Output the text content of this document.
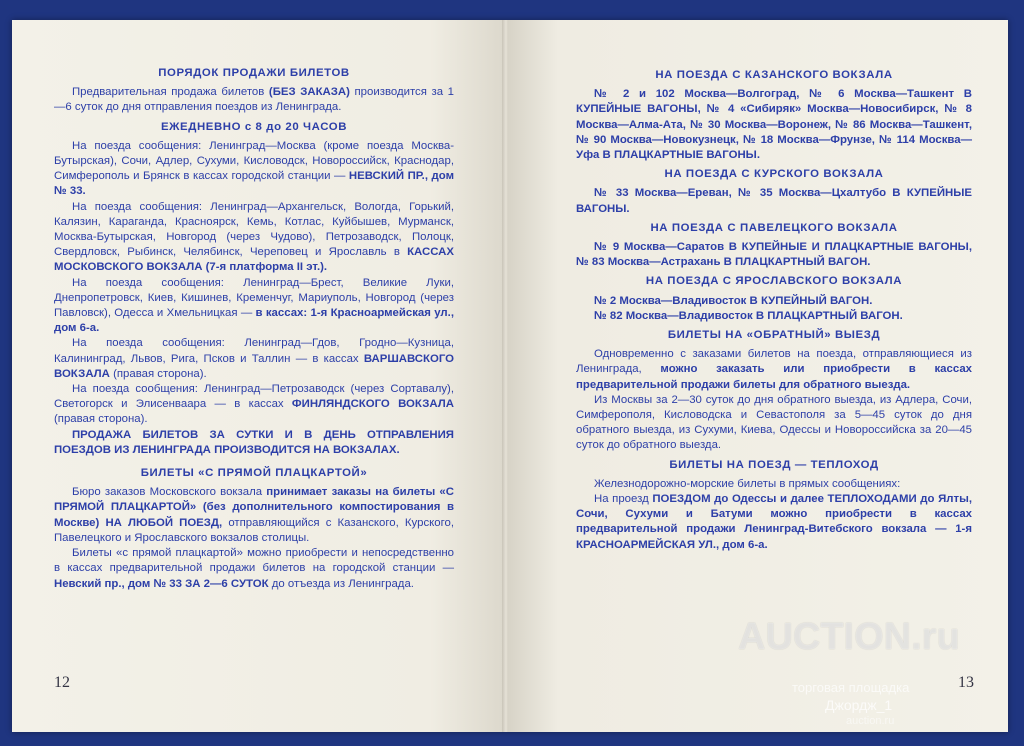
ПОРЯДОК ПРОДАЖИ БИЛЕТОВ

Предварительная продажа билетов (БЕЗ ЗАКАЗА) производится за 1—6 суток до дня отправления поездов из Ленинграда.

ЕЖЕДНЕВНО с 8 до 20 ЧАСОВ

На поезда сообщения: Ленинград—Москва (кроме поезда Москва-Бутырская), Сочи, Адлер, Сухуми, Кисловодск, Новороссийск, Краснодар, Симферополь и Брянск в кассах городской станции — НЕВСКИЙ ПР., дом № 33.

На поезда сообщения: Ленинград—Архангельск, Вологда, Горький, Калязин, Караганда, Красноярск, Кемь, Котлас, Куйбышев, Мурманск, Москва-Бутырская, Новгород (через Чудово), Петрозаводск, Полоцк, Свердловск, Рыбинск, Челябинск, Череповец и Ярославль в КАССАХ МОСКОВСКОГО ВОКЗАЛА (7-я платформа II эт.).

На поезда сообщения: Ленинград—Брест, Великие Луки, Днепропетровск, Киев, Кишинев, Кременчуг, Мариуполь, Новгород (через Павловск), Одесса и Хмельницкая — в кассах: 1-я Красноармейская ул., дом 6-а.

На поезда сообщения: Ленинград—Гдов, Гродно—Кузница, Калининград, Львов, Рига, Псков и Таллин — в кассах ВАРШАВСКОГО ВОКЗАЛА (правая сторона).

На поезда сообщения: Ленинград—Петрозаводск (через Сортавалу), Светогорск и Элисенваара — в кассах ФИНЛЯНДСКОГО ВОКЗАЛА (правая сторона).

ПРОДАЖА БИЛЕТОВ ЗА СУТКИ И В ДЕНЬ ОТПРАВЛЕНИЯ ПОЕЗДОВ ИЗ ЛЕНИНГРАДА ПРОИЗВОДИТСЯ НА ВОКЗАЛАХ.

БИЛЕТЫ «С ПРЯМОЙ ПЛАЦКАРТОЙ»

Бюро заказов Московского вокзала принимает заказы на билеты «С ПРЯМОЙ ПЛАЦКАРТОЙ» (без дополнительного компостирования в Москве) НА ЛЮБОЙ ПОЕЗД, отправляющийся с Казанского, Курского, Павелецкого и Ярославского вокзалов столицы.

Билеты «с прямой плацкартой» можно приобрести и непосредственно в кассах предварительной продажи билетов на городской станции — Невский пр., дом № 33 ЗА 2—6 СУТОК до отъезда из Ленинграда.

12
НА ПОЕЗДА С КАЗАНСКОГО ВОКЗАЛА

№ 2 и 102 Москва—Волгоград, № 6 Москва—Ташкент В КУПЕЙНЫЕ ВАГОНЫ, № 4 «Сибиряк» Москва—Новосибирск, № 8 Москва—Алма-Ата, № 30 Москва—Воронеж, № 86 Москва—Ташкент, № 90 Москва—Новокузнецк, № 18 Москва—Фрунзе, № 114 Москва—Уфа В ПЛАЦКАРТНЫЕ ВАГОНЫ.

НА ПОЕЗДА С КУРСКОГО ВОКЗАЛА

№ 33 Москва—Ереван, № 35 Москва—Цхалтубо В КУПЕЙНЫЕ ВАГОНЫ.

НА ПОЕЗДА С ПАВЕЛЕЦКОГО ВОКЗАЛА

№ 9 Москва—Саратов В КУПЕЙНЫЕ И ПЛАЦКАРТНЫЕ ВАГОНЫ, № 83 Москва—Астрахань В ПЛАЦКАРТНЫЙ ВАГОН.

НА ПОЕЗДА С ЯРОСЛАВСКОГО ВОКЗАЛА

№ 2 Москва—Владивосток В КУПЕЙНЫЙ ВАГОН.

№ 82 Москва—Владивосток В ПЛАЦКАРТНЫЙ ВАГОН.

БИЛЕТЫ НА «ОБРАТНЫЙ» ВЫЕЗД

Одновременно с заказами билетов на поезда, отправляющиеся из Ленинграда, можно заказать или приобрести в кассах предварительной продажи билеты для обратного выезда.

Из Москвы за 2—30 суток до дня обратного выезда, из Адлера, Сочи, Симферополя, Кисловодска и Севастополя за 5—45 суток до дня обратного выезда, из Сухуми, Киева, Одессы и Новороссийска за 20—45 суток до обратного выезда.

БИЛЕТЫ НА ПОЕЗД — ТЕПЛОХОД

Железнодорожно-морские билеты в прямых сообщениях:

На проезд ПОЕЗДОМ до Одессы и далее ТЕПЛОХОДАМИ до Ялты, Сочи, Сухуми и Батуми можно приобрести в кассах предварительной продажи Ленинград-Витебского вокзала — 1-я КРАСНОАРМЕЙСКАЯ УЛ., дом 6-а.

13
AUCTION.ru
торговая площадка
Джордж_1
auction.ru
